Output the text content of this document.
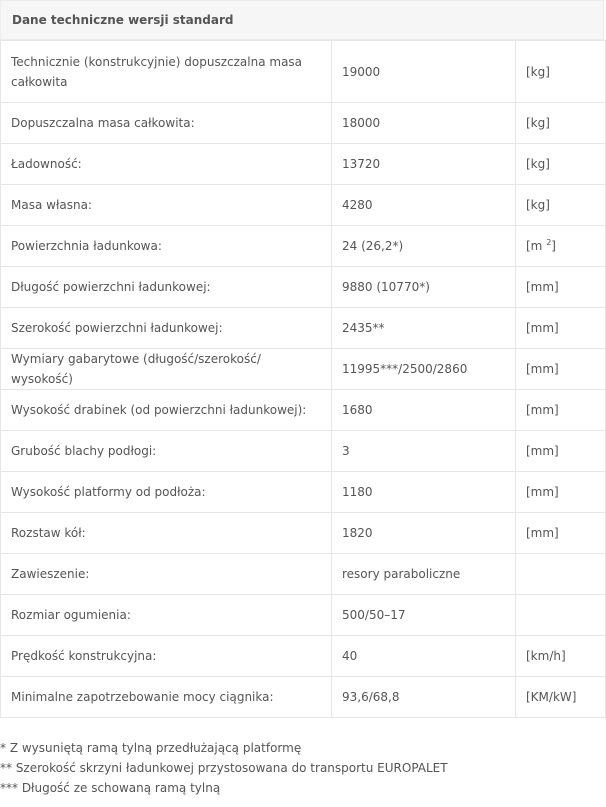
Dane techniczne wersji standard
Technicznie (konstrukcyjnie) dopuszczalna masa całkowita	19000	[kg]
Dopuszczalna masa całkowita:	18000	[kg]
Ładowność:	13720	[kg]
Masa własna:	4280	[kg]
Powierzchnia ładunkowa:	24 (26,2*)	[m $^2$]
Długość powierzchni ładunkowej:	9880 (10770*)	[mm]
Szerokość powierzchni ładunkowej:	2435**	[mm]
Wymiary gabarytowe (długość/szerokość/ wysokość)	11995***/2500/2860	[mm]
Wysokość drabinek (od powierzchni ładunkowej):	1680	[mm]
Grubość blachy podłogi:	3	[mm]
Wysokość platformy od podłoża:	1180	[mm]
Rozstaw kół:	1820	[mm]
Zawieszenie:	resory paraboliczne	
Rozmiar ogumienia:	500/50–17	
Prędkość konstrukcyjna:	40	[km/h]
Minimalne zapotrzebowanie mocy ciągnika:	93,6/68,8	[KM/kW]
* Z wysuniętą ramą tylną przedłużającą platformę
** Szerokość skrzyni ładunkowej przystosowana do transportu EUROPALET
*** Długość ze schowaną ramą tylną
